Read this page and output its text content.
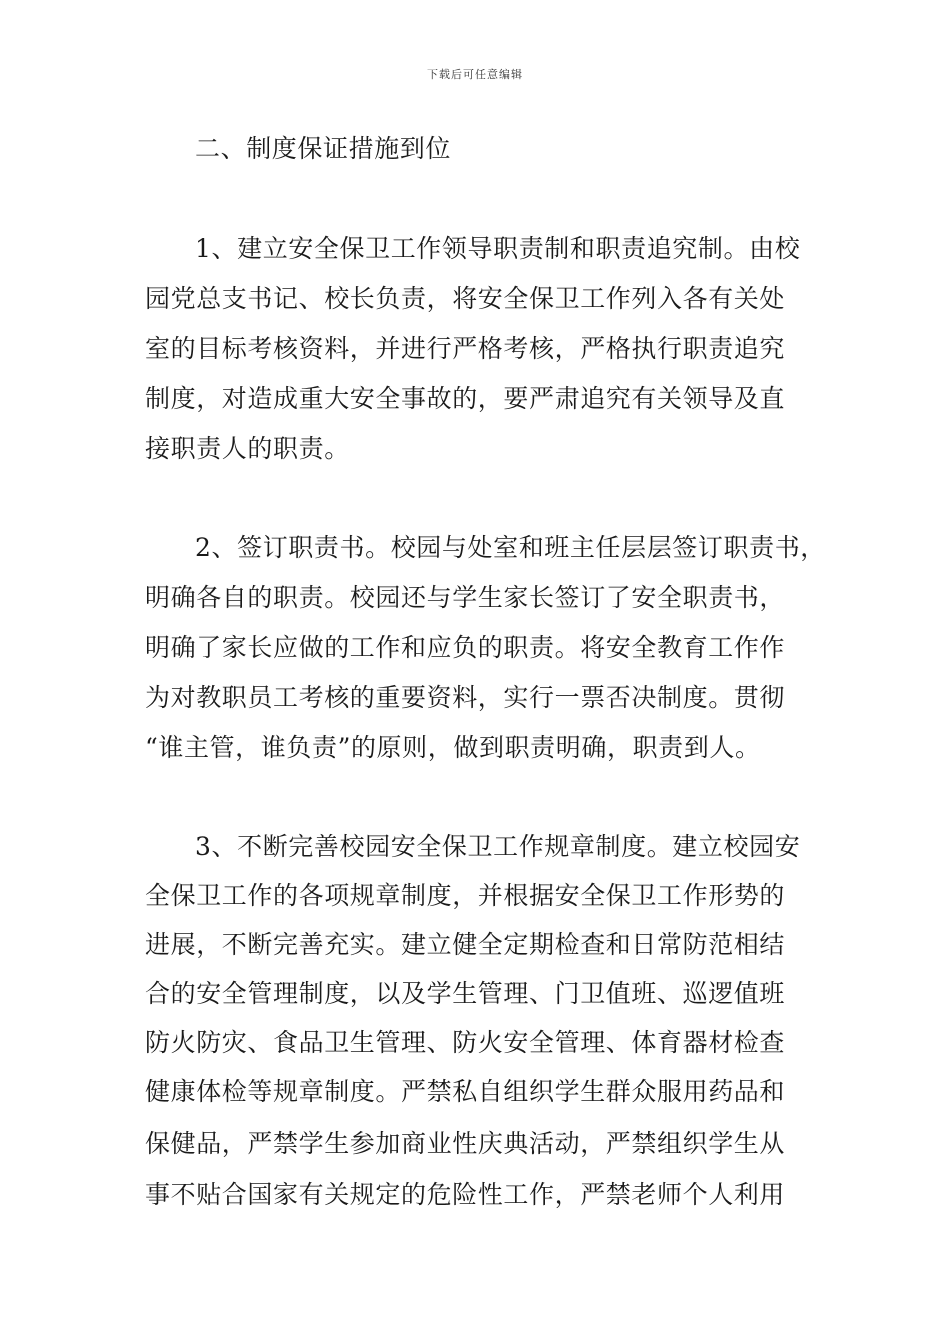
下载后可任意编辑
二、制度保证措施到位
1、建立安全保卫工作领导职责制和职责追究制。由校
园党总支书记、校长负责，将安全保卫工作列入各有关处
室的目标考核资料，并进行严格考核，严格执行职责追究
制度，对造成重大安全事故的，要严肃追究有关领导及直
接职责人的职责。
2、签订职责书。校园与处室和班主任层层签订职责书，
明确各自的职责。校园还与学生家长签订了安全职责书，
明确了家长应做的工作和应负的职责。将安全教育工作作
为对教职员工考核的重要资料，实行一票否决制度。贯彻
“谁主管，谁负责”的原则，做到职责明确，职责到人。
3、不断完善校园安全保卫工作规章制度。建立校园安
全保卫工作的各项规章制度，并根据安全保卫工作形势的
进展，不断完善充实。建立健全定期检查和日常防范相结
合的安全管理制度，以及学生管理、门卫值班、巡逻值班
防火防灾、食品卫生管理、防火安全管理、体育器材检查
健康体检等规章制度。严禁私自组织学生群众服用药品和
保健品，严禁学生参加商业性庆典活动，严禁组织学生从
事不贴合国家有关规定的危险性工作，严禁老师个人利用
